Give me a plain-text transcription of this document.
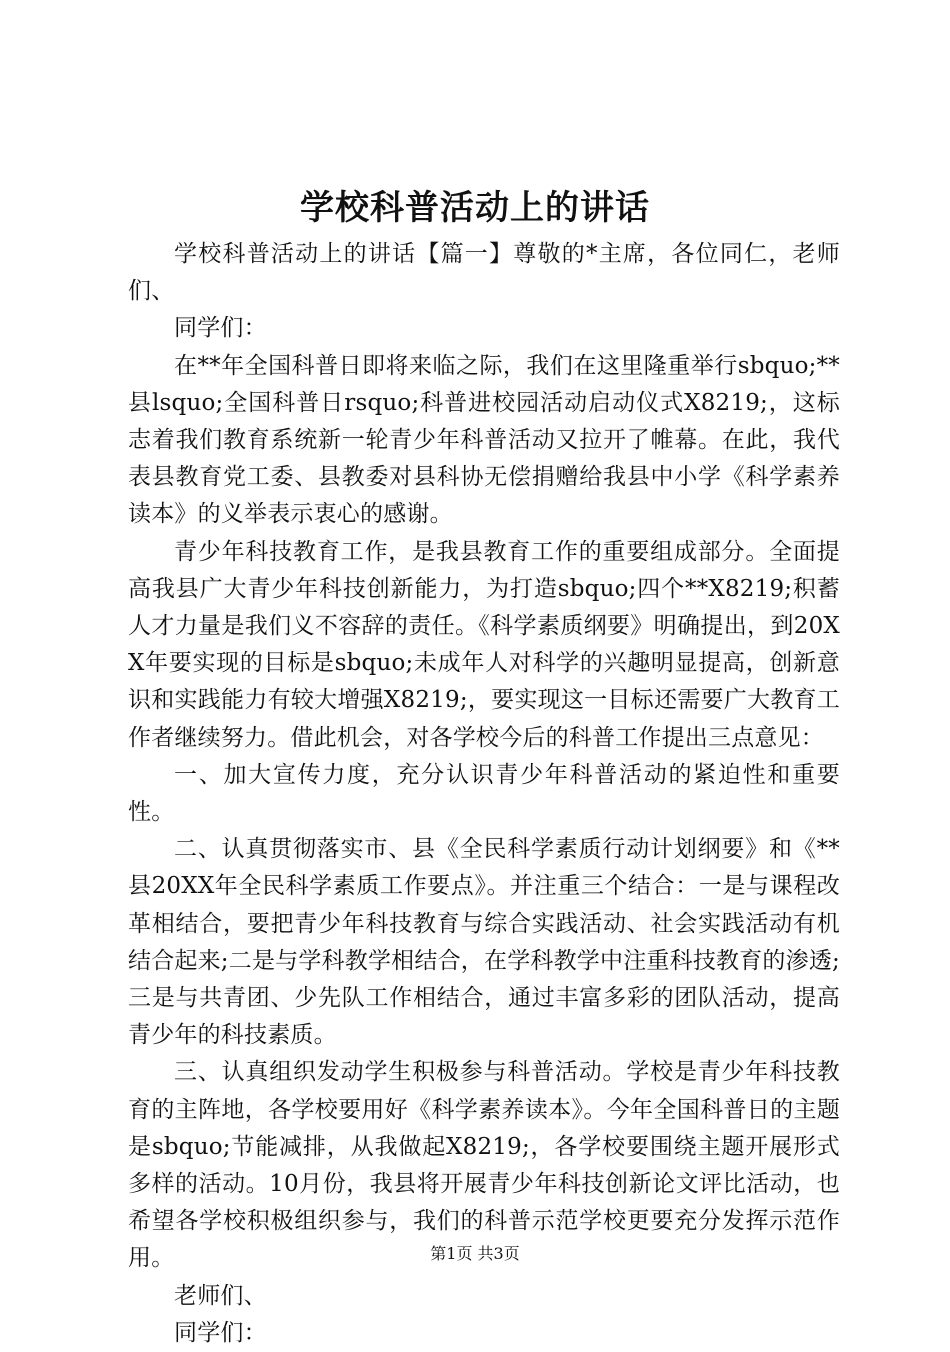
学校科普活动上的讲话

学校科普活动上的讲话【篇一】尊敬的*主席，各位同仁，老师们、

同学们：

在**年全国科普日即将来临之际，我们在这里隆重举行sbquo;**县lsquo;全国科普日rsquo;科普进校园活动启动仪式X8219;，这标志着我们教育系统新一轮青少年科普活动又拉开了帷幕。在此，我代表县教育党工委、县教委对县科协无偿捐赠给我县中小学《科学素养读本》的义举表示衷心的感谢。

青少年科技教育工作，是我县教育工作的重要组成部分。全面提高我县广大青少年科技创新能力，为打造sbquo;四个**X8219;积蓄人才力量是我们义不容辞的责任。《科学素质纲要》明确提出，到20XX年要实现的目标是sbquo;未成年人对科学的兴趣明显提高，创新意识和实践能力有较大增强X8219;，要实现这一目标还需要广大教育工作者继续努力。借此机会，对各学校今后的科普工作提出三点意见：

一、加大宣传力度，充分认识青少年科普活动的紧迫性和重要性。

二、认真贯彻落实市、县《全民科学素质行动计划纲要》和《**县20XX年全民科学素质工作要点》。并注重三个结合：一是与课程改革相结合，要把青少年科技教育与综合实践活动、社会实践活动有机结合起来;二是与学科教学相结合，在学科教学中注重科技教育的渗透;三是与共青团、少先队工作相结合，通过丰富多彩的团队活动，提高青少年的科技素质。

三、认真组织发动学生积极参与科普活动。学校是青少年科技教育的主阵地，各学校要用好《科学素养读本》。今年全国科普日的主题是sbquo;节能减排，从我做起X8219;，各学校要围绕主题开展形式多样的活动。10月份，我县将开展青少年科技创新论文评比活动，也希望各学校积极组织参与，我们的科普示范学校更要充分发挥示范作用。

老师们、

同学们：

第1页 共3页
